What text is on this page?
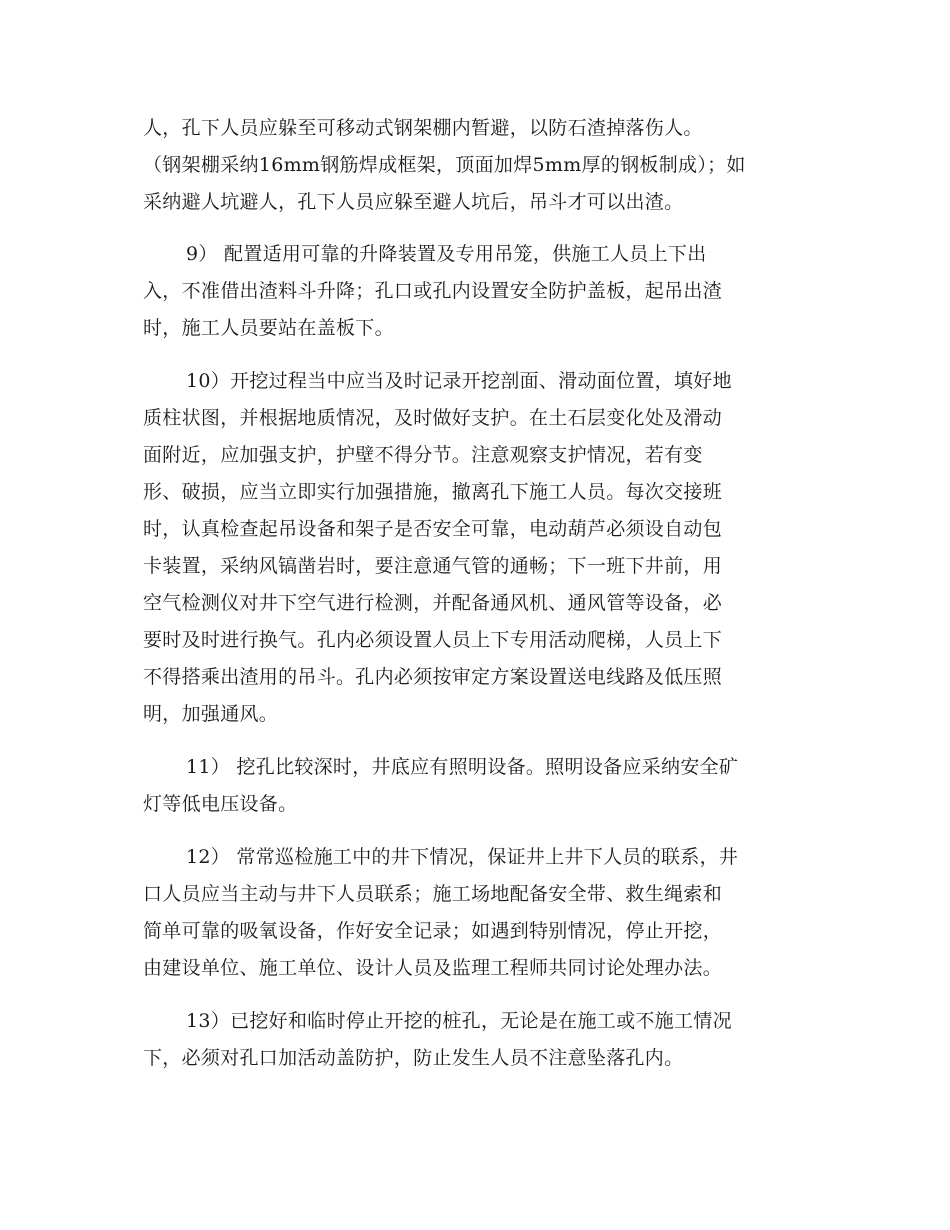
人，孔下人员应躲至可移动式钢架棚内暂避，以防石渣掉落伤人。
（钢架棚采纳16mm钢筋焊成框架，顶面加焊5mm厚的钢板制成）；如
采纳避人坑避人，孔下人员应躲至避人坑后，吊斗才可以出渣。
9） 配置适用可靠的升降装置及专用吊笼，供施工人员上下出
入，不准借出渣料斗升降；孔口或孔内设置安全防护盖板，起吊出渣
时，施工人员要站在盖板下。
10）开挖过程当中应当及时记录开挖剖面、滑动面位置，填好地
质柱状图，并根据地质情况，及时做好支护。在土石层变化处及滑动
面附近，应加强支护，护壁不得分节。注意观察支护情况，若有变
形、破损，应当立即实行加强措施，撤离孔下施工人员。每次交接班
时，认真检查起吊设备和架子是否安全可靠，电动葫芦必须设自动包
卡装置，采纳风镐凿岩时，要注意通气管的通畅；下一班下井前，用
空气检测仪对井下空气进行检测，并配备通风机、通风管等设备，必
要时及时进行换气。孔内必须设置人员上下专用活动爬梯，人员上下
不得搭乘出渣用的吊斗。孔内必须按审定方案设置送电线路及低压照
明，加强通风。
11） 挖孔比较深时，井底应有照明设备。照明设备应采纳安全矿
灯等低电压设备。
12） 常常巡检施工中的井下情况，保证井上井下人员的联系，井
口人员应当主动与井下人员联系；施工场地配备安全带、救生绳索和
简单可靠的吸氧设备，作好安全记录；如遇到特别情况，停止开挖，
由建设单位、施工单位、设计人员及监理工程师共同讨论处理办法。
13）已挖好和临时停止开挖的桩孔，无论是在施工或不施工情况
下，必须对孔口加活动盖防护，防止发生人员不注意坠落孔内。
